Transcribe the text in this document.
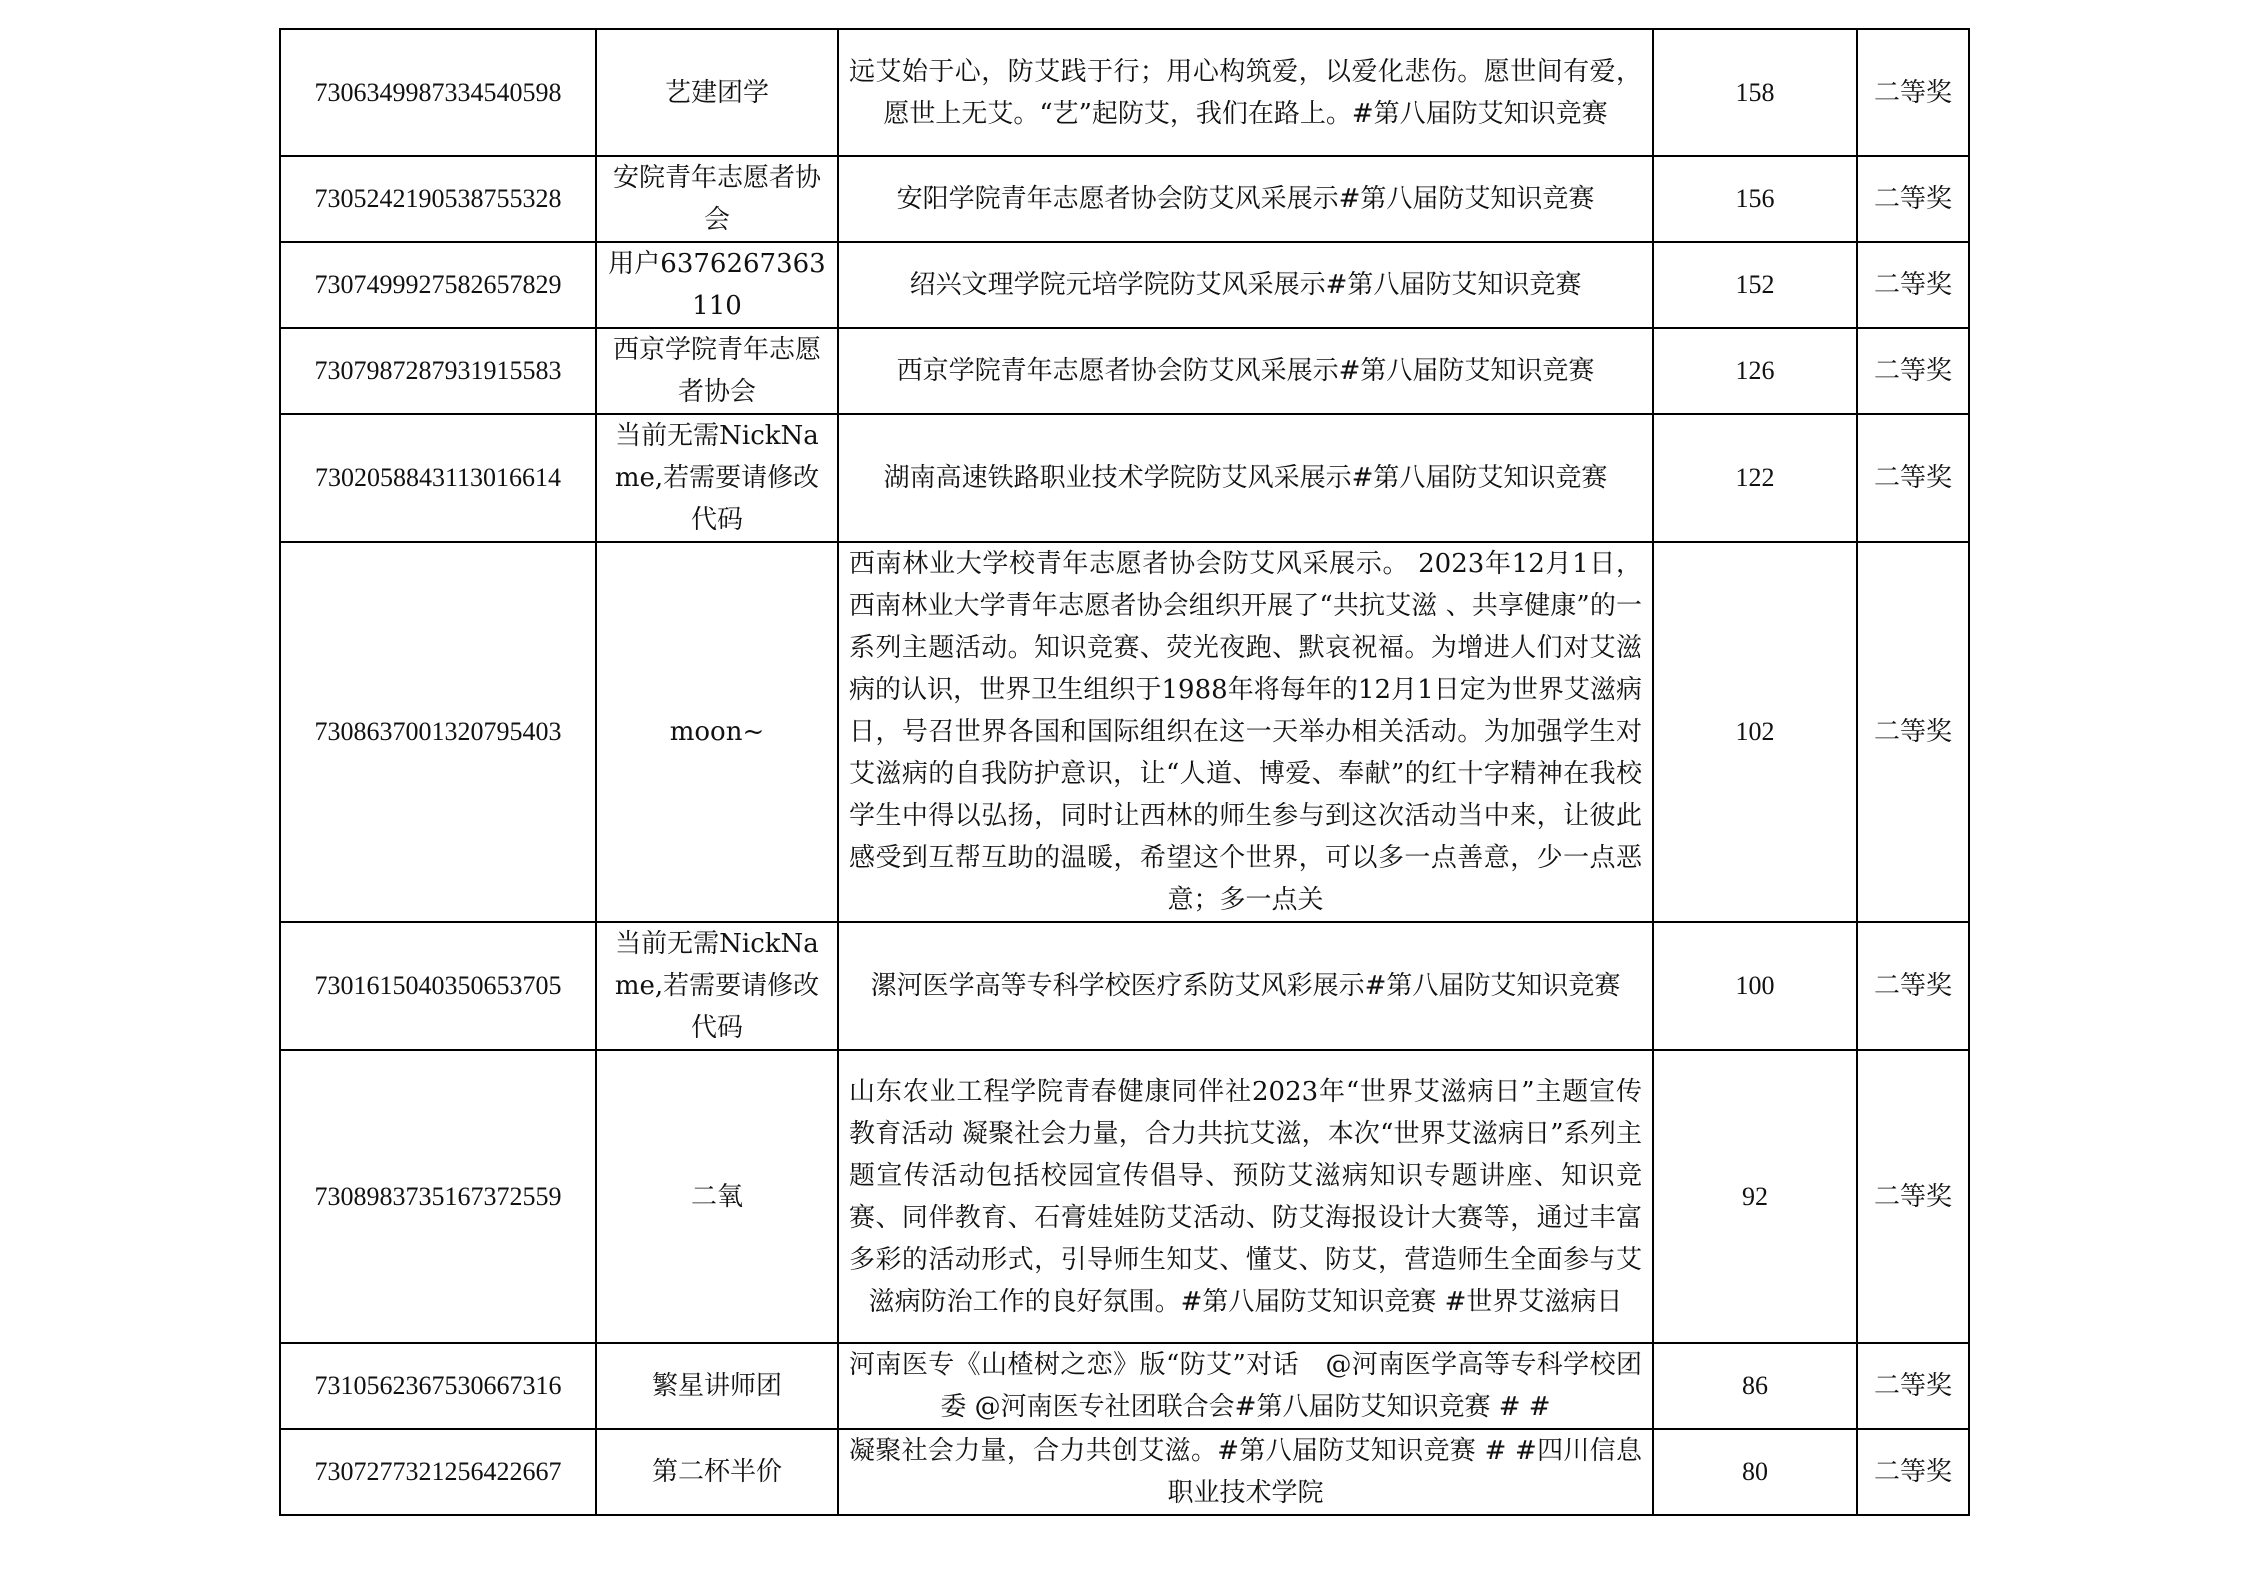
7306349987334540598	艺建团学	远艾始于心，防艾践于行；用心构筑爱，以爱化悲伤。愿世间有爱，愿世上无艾。“艺”起防艾，我们在路上。#第八届防艾知识竞赛	158	二等奖
7305242190538755328	安院青年志愿者协会	安阳学院青年志愿者协会防艾风采展示#第八届防艾知识竞赛	156	二等奖
7307499927582657829	用户6376267363110	绍兴文理学院元培学院防艾风采展示#第八届防艾知识竞赛	152	二等奖
7307987287931915583	西京学院青年志愿者协会	西京学院青年志愿者协会防艾风采展示#第八届防艾知识竞赛	126	二等奖
7302058843113016614	当前无需NickName,若需要请修改代码	湖南高速铁路职业技术学院防艾风采展示#第八届防艾知识竞赛	122	二等奖
7308637001320795403	moon~	西南林业大学校青年志愿者协会防艾风采展示。 2023年12月1日，西南林业大学青年志愿者协会组织开展了“共抗艾滋 、共享健康”的一系列主题活动。知识竞赛、荧光夜跑、默哀祝福。为增进人们对艾滋病的认识，世界卫生组织于1988年将每年的12月1日定为世界艾滋病日，号召世界各国和国际组织在这一天举办相关活动。为加强学生对艾滋病的自我防护意识，让“人道、博爱、奉献”的红十字精神在我校学生中得以弘扬，同时让西林的师生参与到这次活动当中来，让彼此感受到互帮互助的温暖，希望这个世界，可以多一点善意，少一点恶意；多一点关	102	二等奖
7301615040350653705	当前无需NickName,若需要请修改代码	漯河医学高等专科学校医疗系防艾风彩展示#第八届防艾知识竞赛	100	二等奖
7308983735167372559	二氧	山东农业工程学院青春健康同伴社2023年“世界艾滋病日”主题宣传教育活动 凝聚社会力量，合力共抗艾滋，本次“世界艾滋病日”系列主题宣传活动包括校园宣传倡导、预防艾滋病知识专题讲座、知识竞赛、同伴教育、石膏娃娃防艾活动、防艾海报设计大赛等，通过丰富多彩的活动形式，引导师生知艾、懂艾、防艾，营造师生全面参与艾滋病防治工作的良好氛围。#第八届防艾知识竞赛 #世界艾滋病日	92	二等奖
7310562367530667316	繁星讲师团	河南医专《山楂树之恋》版“防艾”对话　@河南医学高等专科学校团委 @河南医专社团联合会#第八届防艾知识竞赛 # #	86	二等奖
7307277321256422667	第二杯半价	凝聚社会力量，合力共创艾滋。#第八届防艾知识竞赛 # #四川信息职业技术学院	80	二等奖
